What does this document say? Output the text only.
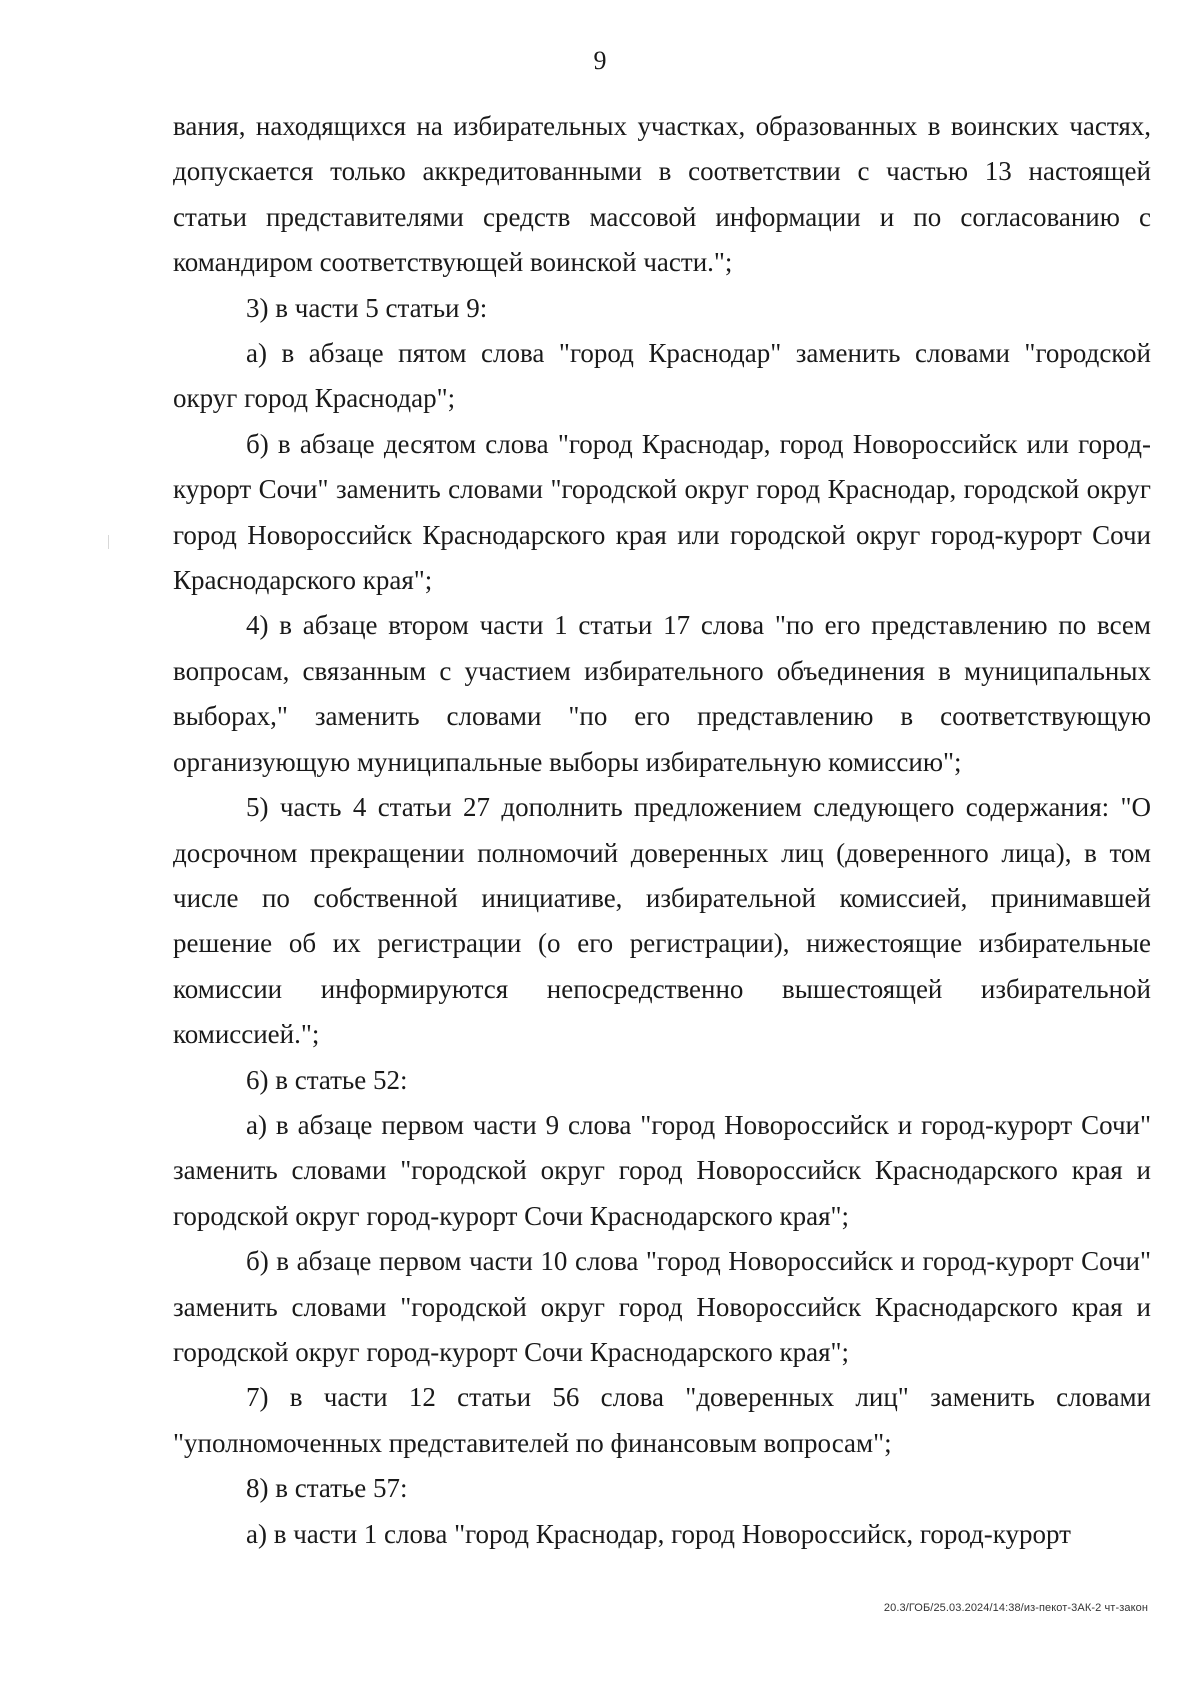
9

вания, находящихся на избирательных участках, образованных в воинских частях, допускается только аккредитованными в соответствии с частью 13 настоящей статьи представителями средств массовой информации и по согласованию с командиром соответствующей воинской части.";

3) в части 5 статьи 9:

а) в абзаце пятом слова "город Краснодар" заменить словами "городской округ город Краснодар";

б) в абзаце десятом слова "город Краснодар, город Новороссийск или город-курорт Сочи" заменить словами "городской округ город Краснодар, городской округ город Новороссийск Краснодарского края или городской округ город-курорт Сочи Краснодарского края";

4) в абзаце втором части 1 статьи 17 слова "по его представлению по всем вопросам, связанным с участием избирательного объединения в муниципальных выборах," заменить словами "по его представлению в соответствующую организующую муниципальные выборы избирательную комиссию";

5) часть 4 статьи 27 дополнить предложением следующего содержания: "О досрочном прекращении полномочий доверенных лиц (доверенного лица), в том числе по собственной инициативе, избирательной комиссией, принимавшей решение об их регистрации (о его регистрации), нижестоящие избирательные комиссии информируются непосредственно вышестоящей избирательной комиссией.";

6) в статье 52:

а) в абзаце первом части 9 слова "город Новороссийск и город-курорт Сочи" заменить словами "городской округ город Новороссийск Краснодарского края и городской округ город-курорт Сочи Краснодарского края";

б) в абзаце первом части 10 слова "город Новороссийск и город-курорт Сочи" заменить словами "городской округ город Новороссийск Краснодарского края и городской округ город-курорт Сочи Краснодарского края";

7) в части 12 статьи 56 слова "доверенных лиц" заменить словами "уполномоченных представителей по финансовым вопросам";

8) в статье 57:

а) в части 1 слова "город Краснодар, город Новороссийск, город-курорт

20.3/ГОБ/25.03.2024/14:38/из-пекот-3АК-2 чт-закон
